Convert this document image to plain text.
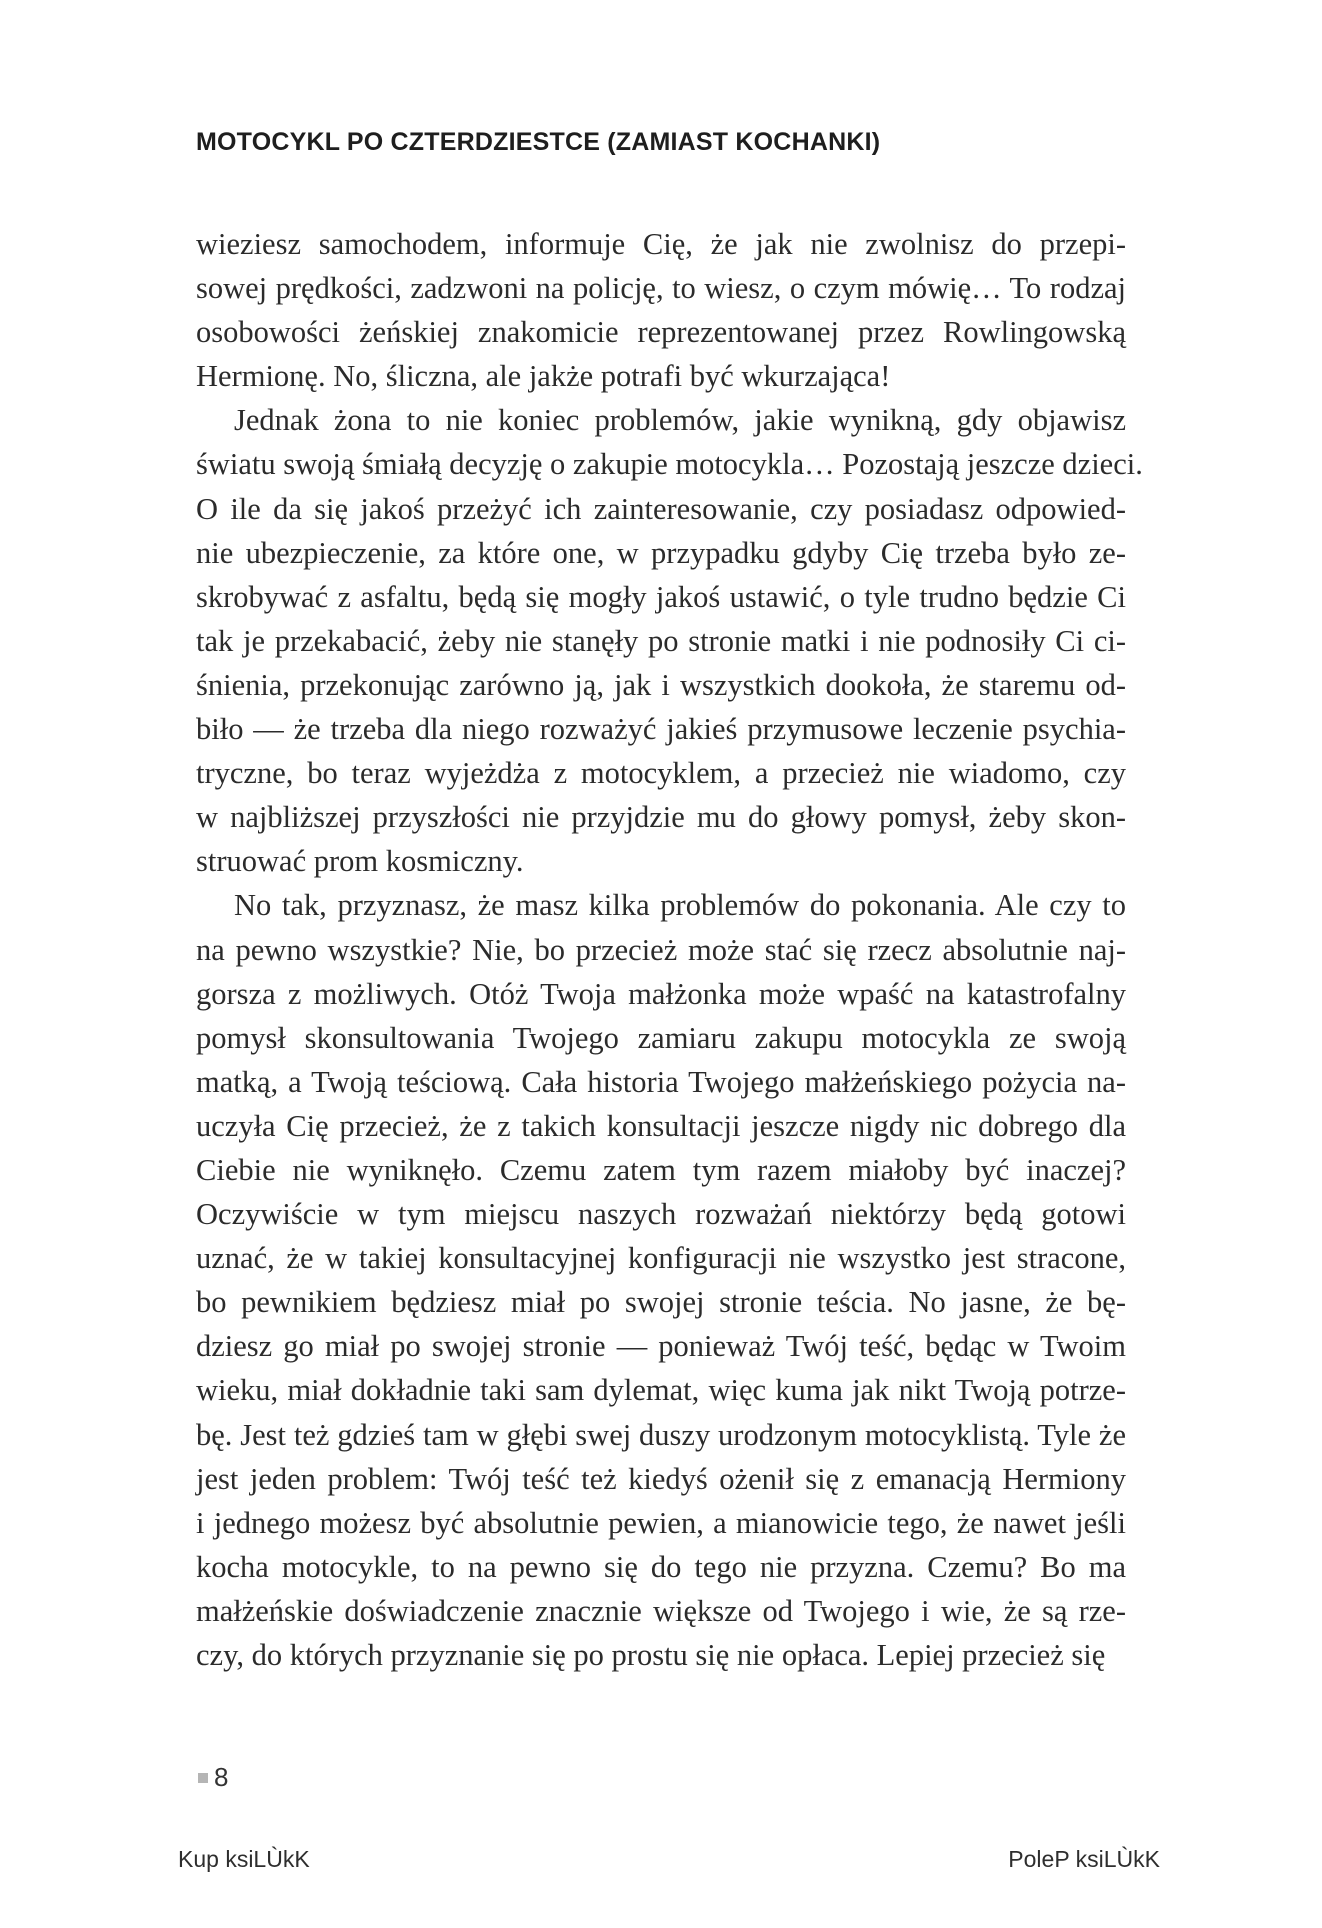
MOTOCYKL PO CZTERDZIESTCE (ZAMIAST KOCHANKI)
wieziesz samochodem, informuje Cię, że jak nie zwolnisz do przepi-
sowej prędkości, zadzwoni na policję, to wiesz, o czym mówię… To rodzaj
osobowości żeńskiej znakomicie reprezentowanej przez Rowlingowską
Hermionę. No, śliczna, ale jakże potrafi być wkurzająca!
Jednak żona to nie koniec problemów, jakie wynikną, gdy objawisz
światu swoją śmiałą decyzję o zakupie motocykla… Pozostają jeszcze dzieci.
O ile da się jakoś przeżyć ich zainteresowanie, czy posiadasz odpowied-
nie ubezpieczenie, za które one, w przypadku gdyby Cię trzeba było ze-
skrobywać z asfaltu, będą się mogły jakoś ustawić, o tyle trudno będzie Ci
tak je przekabacić, żeby nie stanęły po stronie matki i nie podnosiły Ci ci-
śnienia, przekonując zarówno ją, jak i wszystkich dookoła, że staremu od-
biło — że trzeba dla niego rozważyć jakieś przymusowe leczenie psychia-
tryczne, bo teraz wyjeżdża z motocyklem, a przecież nie wiadomo, czy
w najbliższej przyszłości nie przyjdzie mu do głowy pomysł, żeby skon-
struować prom kosmiczny.
No tak, przyznasz, że masz kilka problemów do pokonania. Ale czy to
na pewno wszystkie? Nie, bo przecież może stać się rzecz absolutnie naj-
gorsza z możliwych. Otóż Twoja małżonka może wpaść na katastrofalny
pomysł skonsultowania Twojego zamiaru zakupu motocykla ze swoją
matką, a Twoją teściową. Cała historia Twojego małżeńskiego pożycia na-
uczyła Cię przecież, że z takich konsultacji jeszcze nigdy nic dobrego dla
Ciebie nie wyniknęło. Czemu zatem tym razem miałoby być inaczej?
Oczywiście w tym miejscu naszych rozważań niektórzy będą gotowi
uznać, że w takiej konsultacyjnej konfiguracji nie wszystko jest stracone,
bo pewnikiem będziesz miał po swojej stronie teścia. No jasne, że bę-
dziesz go miał po swojej stronie — ponieważ Twój teść, będąc w Twoim
wieku, miał dokładnie taki sam dylemat, więc kuma jak nikt Twoją potrze-
bę. Jest też gdzieś tam w głębi swej duszy urodzonym motocyklistą. Tyle że
jest jeden problem: Twój teść też kiedyś ożenił się z emanacją Hermiony
i jednego możesz być absolutnie pewien, a mianowicie tego, że nawet jeśli
kocha motocykle, to na pewno się do tego nie przyzna. Czemu? Bo ma
małżeńskie doświadczenie znacznie większe od Twojego i wie, że są rze-
czy, do których przyznanie się po prostu się nie opłaca. Lepiej przecież się
8
Kup ksiLÙkK	PoleP ksiLÙkK
